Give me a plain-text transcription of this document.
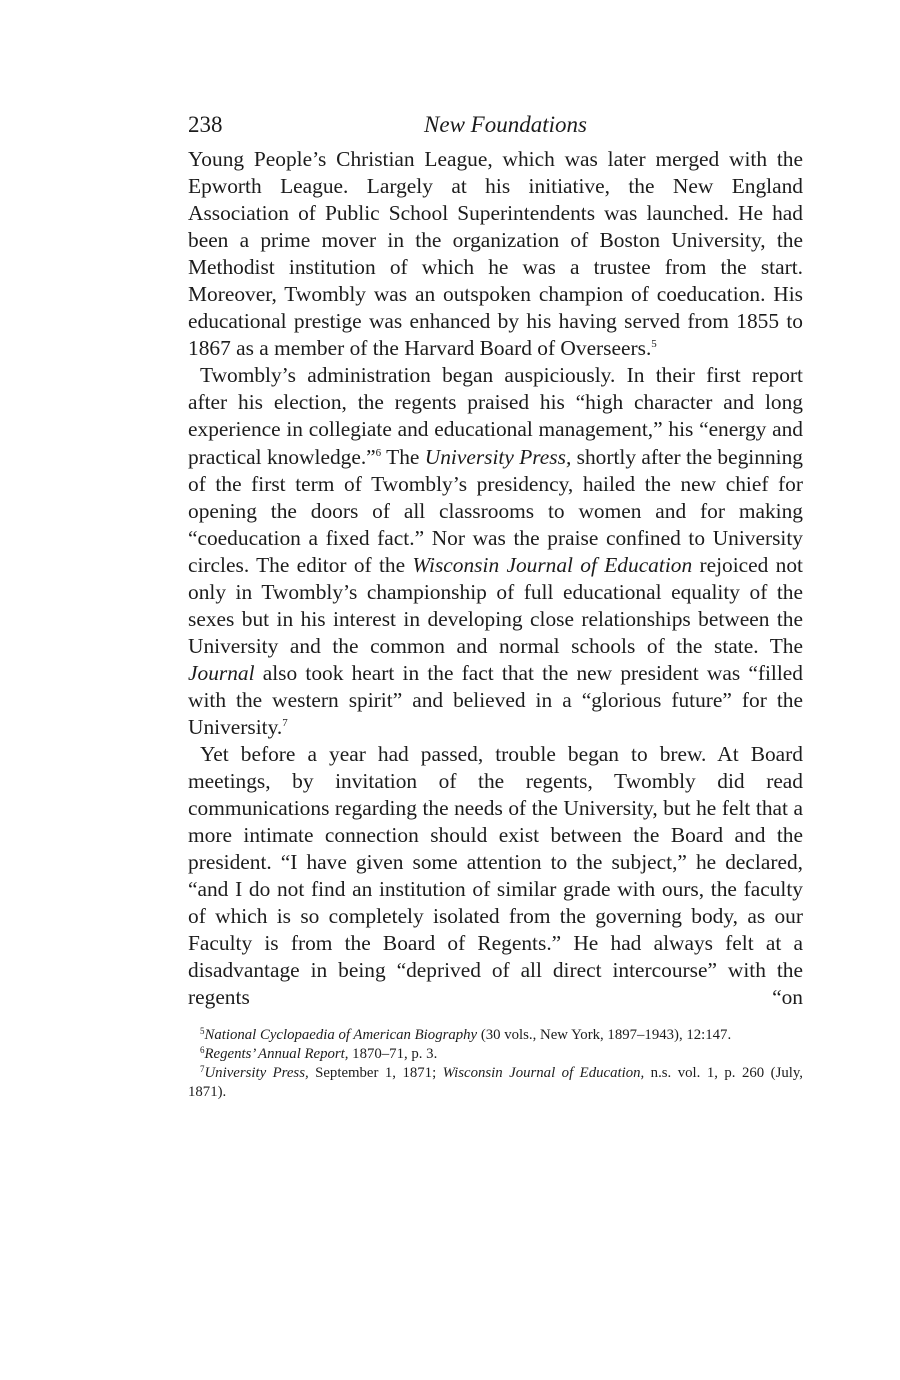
238	New Foundations

Young People’s Christian League, which was later merged with the Epworth League. Largely at his initiative, the New England Association of Public School Superintendents was launched. He had been a prime mover in the organization of Boston University, the Methodist institution of which he was a trustee from the start. Moreover, Twombly was an outspoken champion of coeducation. His educational prestige was enhanced by his having served from 1855 to 1867 as a member of the Harvard Board of Overseers.$^5$

Twombly’s administration began auspiciously. In their first report after his election, the regents praised his “high character and long experience in collegiate and educational management,” his “energy and practical knowledge.”$^6$ The University Press, shortly after the beginning of the first term of Twombly’s presidency, hailed the new chief for opening the doors of all classrooms to women and for making “coeducation a fixed fact.” Nor was the praise confined to University circles. The editor of the Wisconsin Journal of Education rejoiced not only in Twombly’s championship of full educational equality of the sexes but in his interest in developing close relationships between the University and the common and normal schools of the state. The Journal also took heart in the fact that the new president was “filled with the western spirit” and believed in a “glorious future” for the University.$^7$

Yet before a year had passed, trouble began to brew. At Board meetings, by invitation of the regents, Twombly did read communications regarding the needs of the University, but he felt that a more intimate connection should exist between the Board and the president. “I have given some attention to the subject,” he declared, “and I do not find an institution of similar grade with ours, the faculty of which is so completely isolated from the governing body, as our Faculty is from the Board of Regents.” He had always felt at a disadvantage in being “deprived of all direct intercourse” with the regents “on

$^5$National Cyclopaedia of American Biography (30 vols., New York, 1897–1943), 12:147.

$^6$Regents’ Annual Report, 1870–71, p. 3.

$^7$University Press, September 1, 1871; Wisconsin Journal of Education, n.s. vol. 1, p. 260 (July, 1871).
